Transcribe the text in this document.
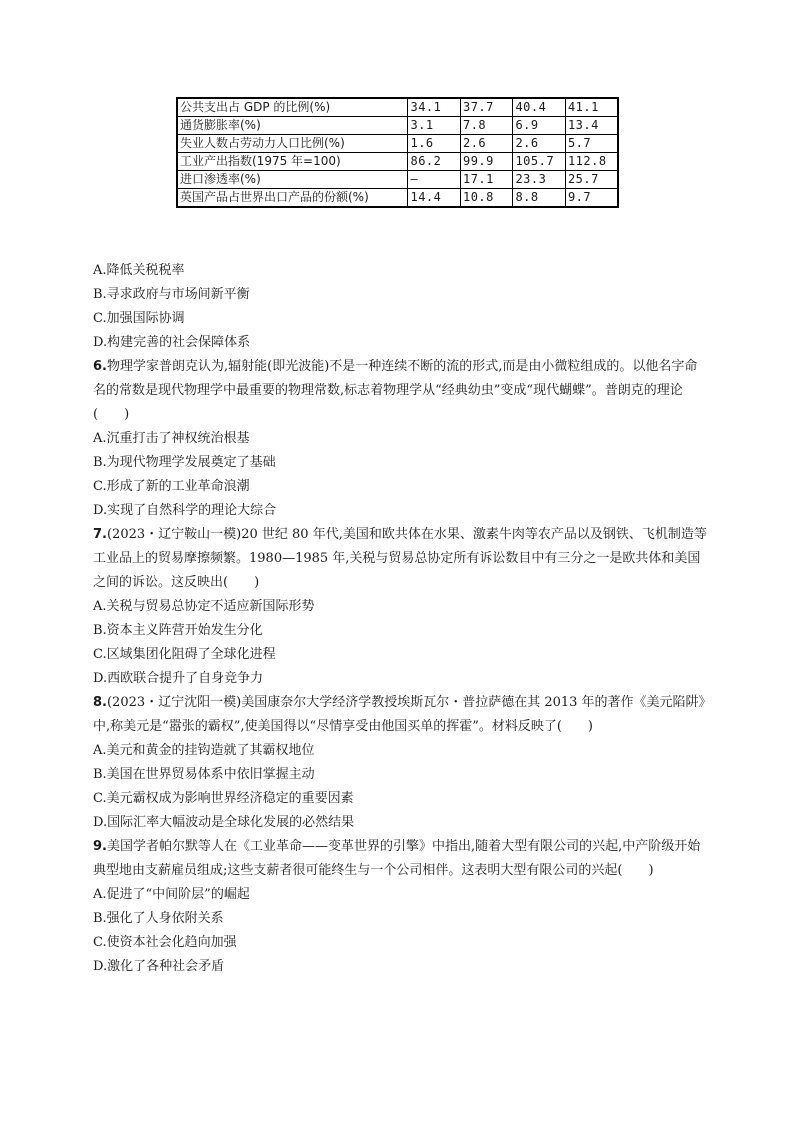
公共支出占 GDP 的比例(%)	34.1	37.7	40.4	41.1
通货膨胀率(%)	3.1	7.8	6.9	13.4
失业人数占劳动力人口比例(%)	1.6	2.6	2.6	5.7
工业产出指数(1975 年=100)	86.2	99.9	105.7	112.8
进口渗透率(%)	—	17.1	23.3	25.7
英国产品占世界出口产品的份额(%)	14.4	10.8	8.8	9.7

A.降低关税税率

B.寻求政府与市场间新平衡

C.加强国际协调

D.构建完善的社会保障体系

6.物理学家普朗克认为,辐射能(即光波能)不是一种连续不断的流的形式,而是由小微粒组成的。以他名字命名的常数是现代物理学中最重要的物理常数,标志着物理学从“经典幼虫”变成“现代蝴蝶”。普朗克的理论(　　)

A.沉重打击了神权统治根基

B.为现代物理学发展奠定了基础

C.形成了新的工业革命浪潮

D.实现了自然科学的理论大综合

7.(2023・辽宁鞍山一模)20 世纪 80 年代,美国和欧共体在水果、激素牛肉等农产品以及钢铁、飞机制造等工业品上的贸易摩擦频繁。1980—1985 年,关税与贸易总协定所有诉讼数目中有三分之一是欧共体和美国之间的诉讼。这反映出(　　)

A.关税与贸易总协定不适应新国际形势

B.资本主义阵营开始发生分化

C.区域集团化阻碍了全球化进程

D.西欧联合提升了自身竞争力

8.(2023・辽宁沈阳一模)美国康奈尔大学经济学教授埃斯瓦尔・普拉萨德在其 2013 年的著作《美元陷阱》中,称美元是“嚣张的霸权”,使美国得以“尽情享受由他国买单的挥霍”。材料反映了(　　)

A.美元和黄金的挂钩造就了其霸权地位

B.美国在世界贸易体系中依旧掌握主动

C.美元霸权成为影响世界经济稳定的重要因素

D.国际汇率大幅波动是全球化发展的必然结果

9.美国学者帕尔默等人在《工业革命——变革世界的引擎》中指出,随着大型有限公司的兴起,中产阶级开始典型地由支薪雇员组成;这些支薪者很可能终生与一个公司相伴。这表明大型有限公司的兴起(　　)

A.促进了“中间阶层”的崛起

B.强化了人身依附关系

C.使资本社会化趋向加强

D.激化了各种社会矛盾
